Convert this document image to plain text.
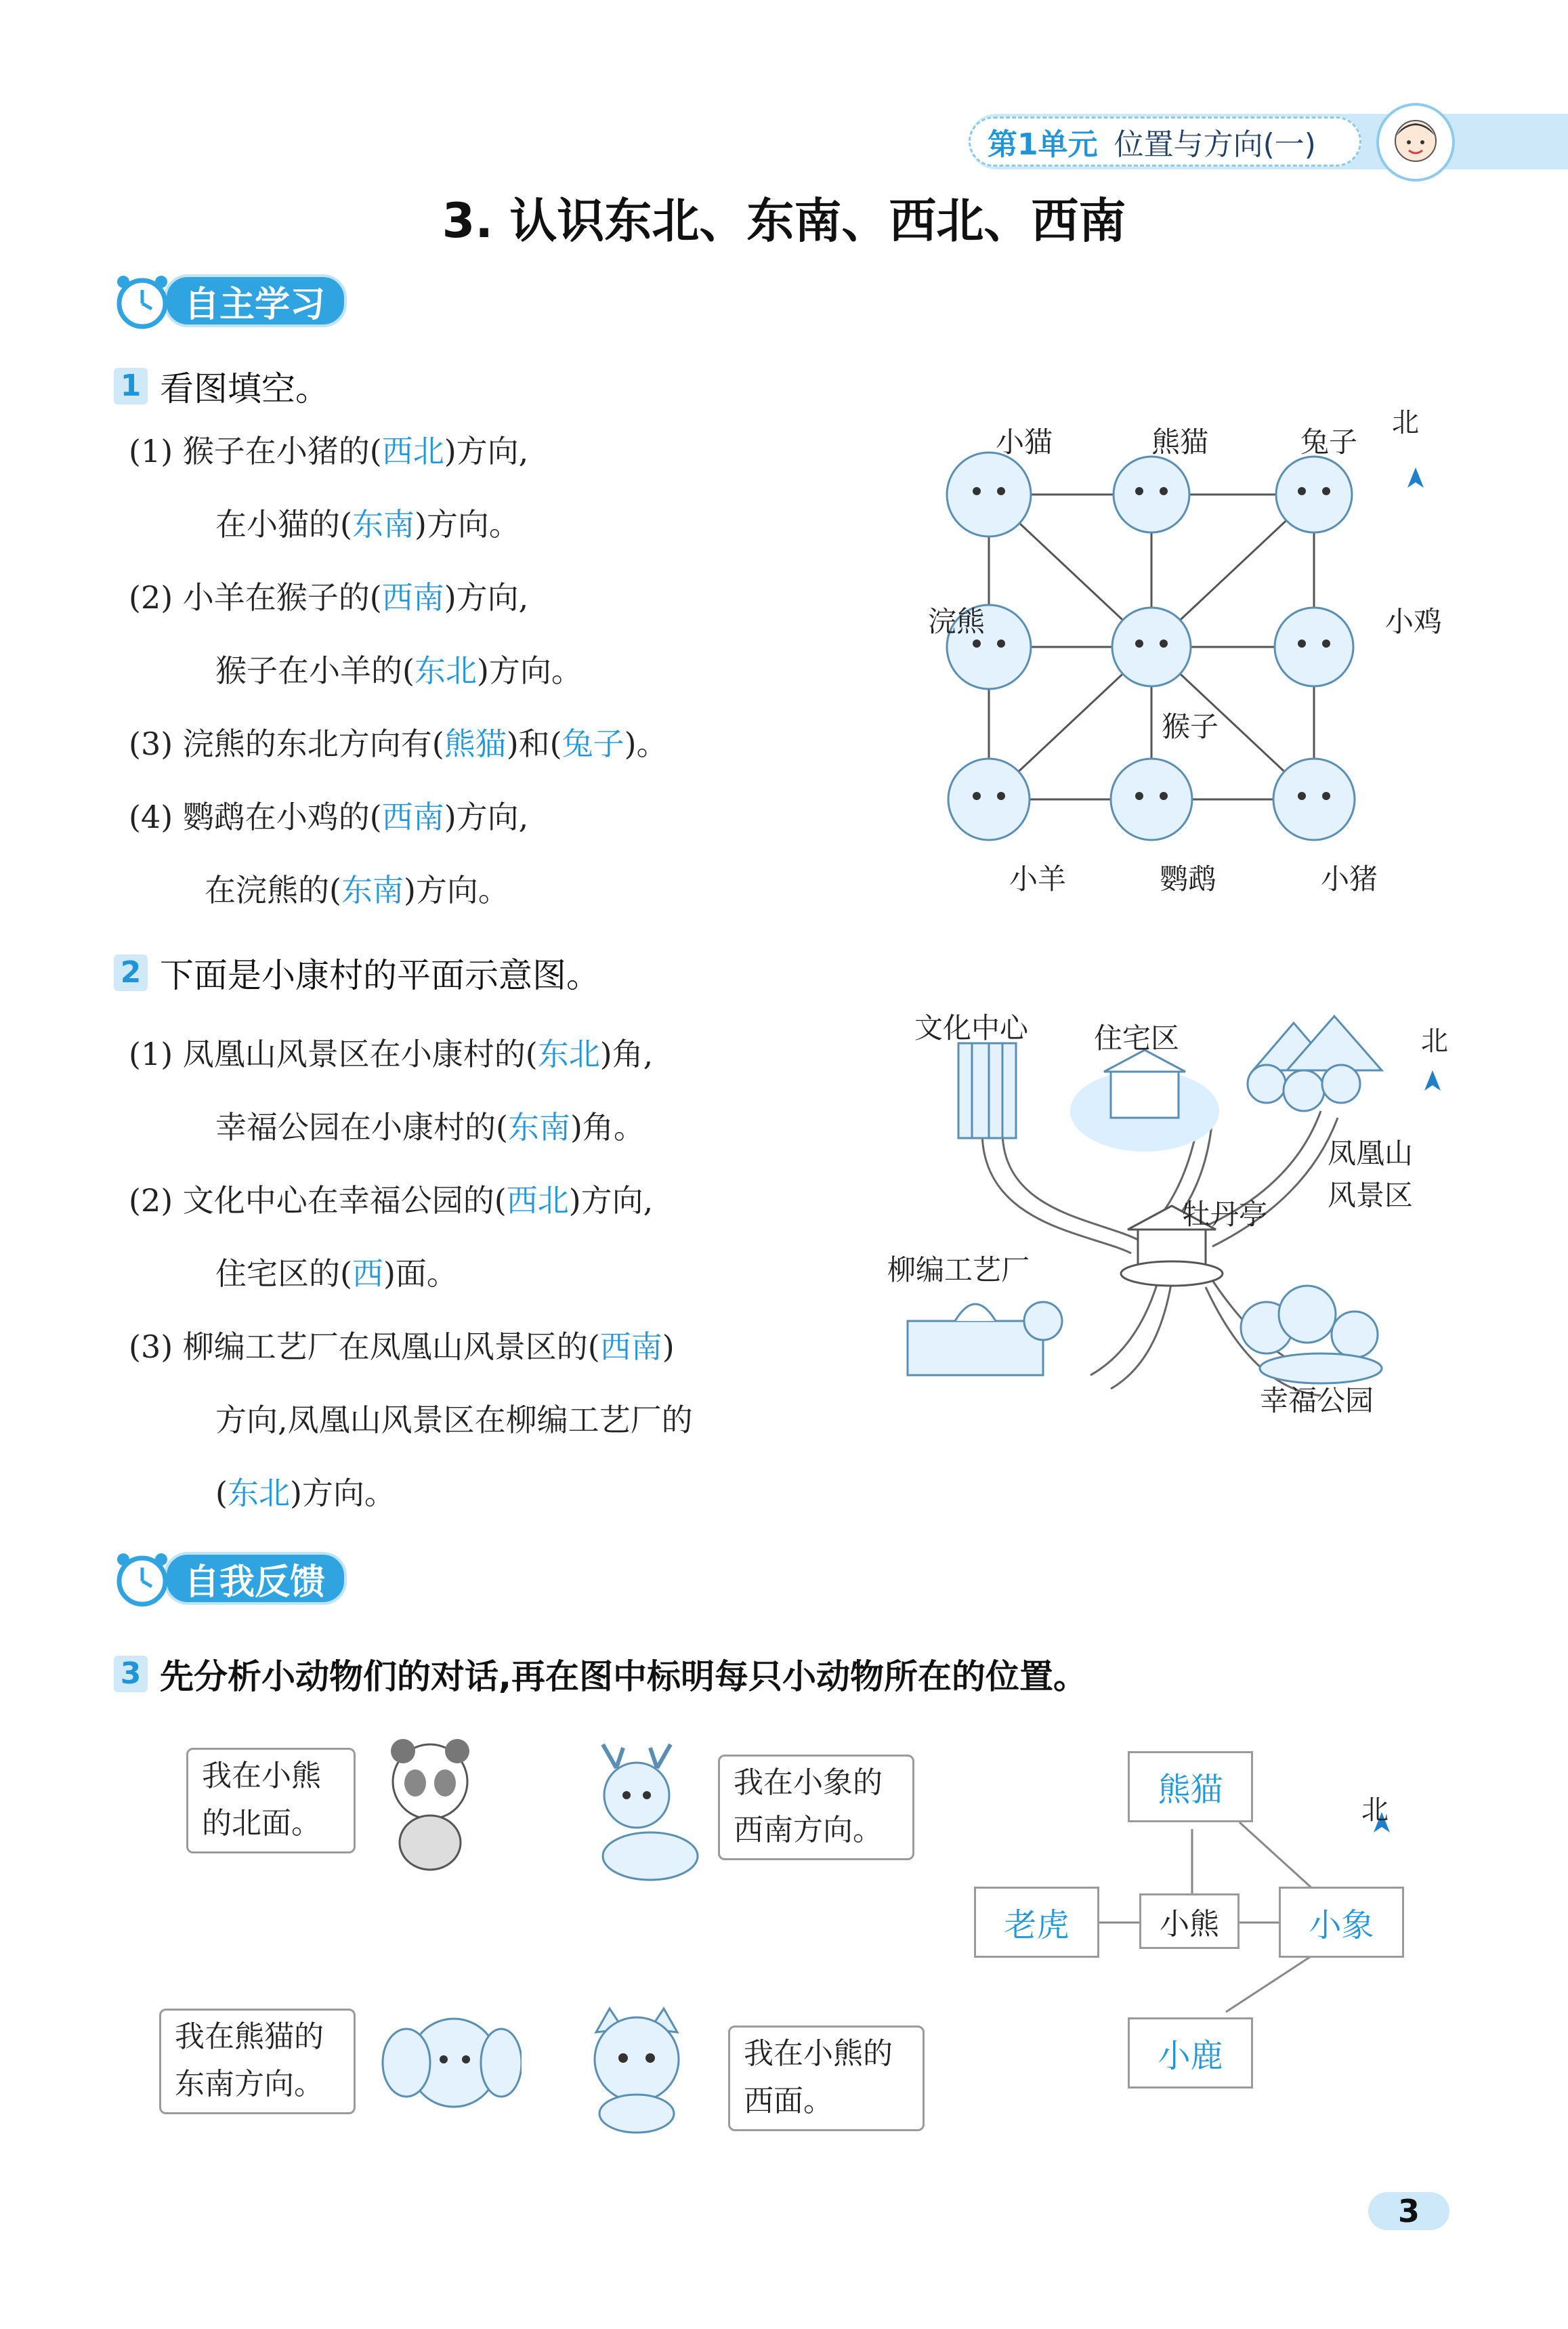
第1单元 位置与方向(一)
3. 认识东北、东南、西北、西南
自主学习
1 看图填空。
(1) 猴子在小猪的(西北)方向,
在小猫的(东南)方向。
(2) 小羊在猴子的(西南)方向,
猴子在小羊的(东北)方向。
(3) 浣熊的东北方向有(熊猫)和(兔子)。
(4) 鹦鹉在小鸡的(西南)方向,
在浣熊的(东南)方向。
北
小猫	熊猫	兔子
浣熊
猴子
小鸡
小羊	鹦鹉	小猪
2 下面是小康村的平面示意图。
(1) 凤凰山风景区在小康村的(东北)角,
幸福公园在小康村的(东南)角。
(2) 文化中心在幸福公园的(西北)方向,
住宅区的(西)面。
(3) 柳编工艺厂在凤凰山风景区的(西南)
方向,凤凰山风景区在柳编工艺厂的
(东北)方向。
北
文化中心 住宅区
凤凰山
风景区
牡丹亭
柳编工艺厂
幸福公园
自我反馈
3 先分析小动物们的对话,再在图中标明每只小动物所在的位置。
我在小熊
的北面。
我在小象的
西南方向。
我在熊猫的
东南方向。
我在小熊的
西面。
北
熊猫
老虎	小熊	小象
小鹿
3
